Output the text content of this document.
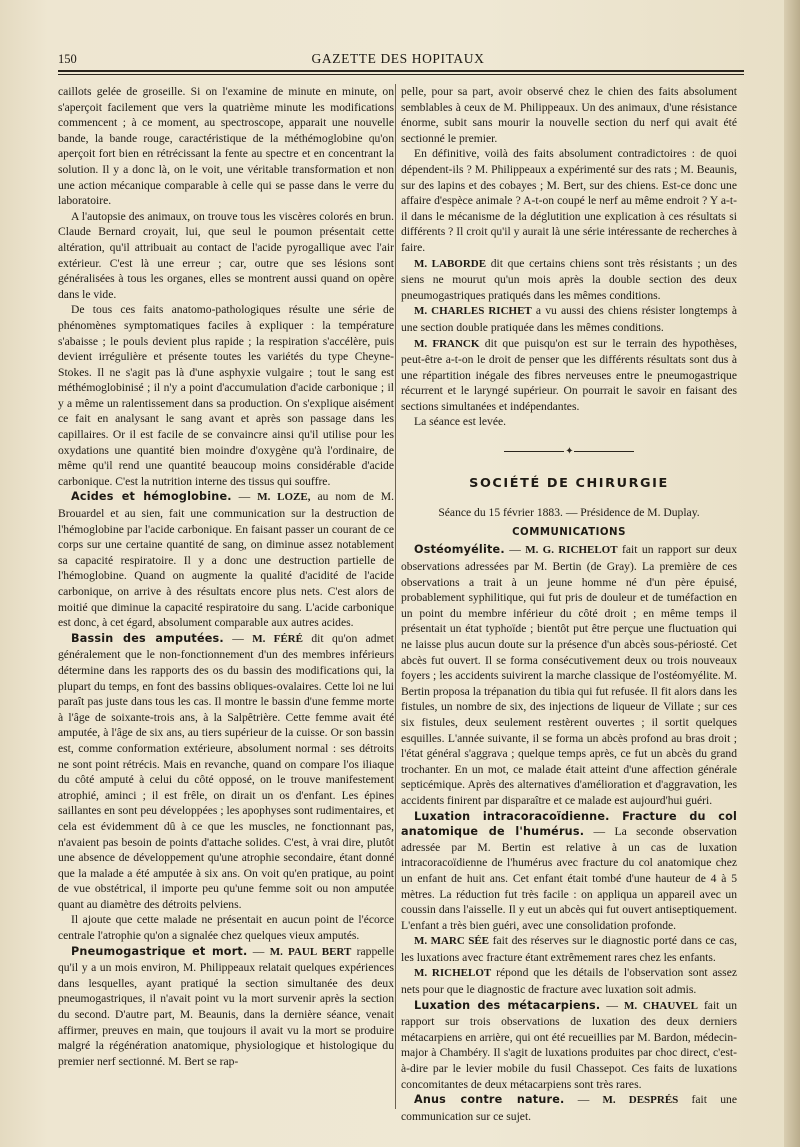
150	GAZETTE DES HOPITAUX

caillots gelée de groseille. Si on l'examine de minute en minute, on s'aperçoit facilement que vers la quatrième minute les modifications commencent ; à ce moment, au spectroscope, apparait une nouvelle bande, la bande rouge, caractéristique de la méthémoglobine qu'on aperçoit fort bien en rétrécissant la fente au spectre et en concentrant la solution. Il y a donc là, on le voit, une véritable transformation et non une action mécanique comparable à celle qui se passe dans le verre du laboratoire.

A l'autopsie des animaux, on trouve tous les viscères colorés en brun. Claude Bernard croyait, lui, que seul le poumon présentait cette altération, qu'il attribuait au contact de l'acide pyrogallique avec l'air extérieur. C'est là une erreur ; car, outre que ses lésions sont généralisées à tous les organes, elles se montrent aussi quand on opère dans le vide.

De tous ces faits anatomo-pathologiques résulte une série de phénomènes symptomatiques faciles à expliquer : la température s'abaisse ; le pouls devient plus rapide ; la respiration s'accélère, puis devient irrégulière et présente toutes les variétés du type Cheyne-Stokes. Il ne s'agit pas là d'une asphyxie vulgaire ; tout le sang est méthémoglobinisé ; il n'y a point d'accumulation d'acide carbonique ; il y a même un ralentissement dans sa production. On s'explique aisément ce fait en analysant le sang avant et après son passage dans les capillaires. Or il est facile de se convaincre ainsi qu'il utilise pour les oxydations une quantité bien moindre d'oxygène qu'à l'ordinaire, de même qu'il rend une quantité beaucoup moins considérable d'acide carbonique. C'est la nutrition interne des tissus qui souffre.

Acides et hémoglobine. — M. LOZE, au nom de M. Brouardel et au sien, fait une communication sur la destruction de l'hémoglobine par l'acide carbonique. En faisant passer un courant de ce corps sur une certaine quantité de sang, on diminue assez notablement sa capacité respiratoire. Il y a donc une destruction partielle de l'hémoglobine. Quand on augmente la qualité d'acidité de l'acide carbonique, on arrive à des résultats encore plus nets. C'est alors de moitié que diminue la capacité respiratoire du sang. L'acide carbonique est donc, à cet égard, absolument comparable aux autres acides.

Bassin des amputées. — M. FÉRÉ dit qu'on admet généralement que le non-fonctionnement d'un des membres inférieurs détermine dans les rapports des os du bassin des modifications qui, la plupart du temps, en font des bassins obliques-ovalaires. Cette loi ne lui paraît pas juste dans tous les cas. Il montre le bassin d'une femme morte à l'âge de soixante-trois ans, à la Salpêtrière. Cette femme avait été amputée, à l'âge de six ans, au tiers supérieur de la cuisse. Or son bassin est, comme conformation extérieure, absolument normal : ses détroits ne sont point rétrécis. Mais en revanche, quand on compare l'os iliaque du côté amputé à celui du côté opposé, on le trouve manifestement atrophié, aminci ; il est frêle, on dirait un os d'enfant. Les épines saillantes en sont peu développées ; les apophyses sont rudimentaires, et cela est évidemment dû à ce que les muscles, ne fonctionnant pas, n'avaient pas besoin de points d'attache solides. C'est, à vrai dire, plutôt une absence de développement qu'une atrophie secondaire, étant donné que la malade a été amputée à six ans. On voit qu'en pratique, au point de vue obstétrical, il importe peu qu'une femme soit ou non amputée quant au diamètre des détroits pelviens.

Il ajoute que cette malade ne présentait en aucun point de l'écorce centrale l'atrophie qu'on a signalée chez quelques vieux amputés.

Pneumogastrique et mort. — M. PAUL BERT rappelle qu'il y a un mois environ, M. Philippeaux relatait quelques expériences dans lesquelles, ayant pratiqué la section simultanée des deux pneumogastriques, il n'avait point vu la mort survenir après la section du second. D'autre part, M. Beaunis, dans la dernière séance, venait affirmer, preuves en main, que toujours il avait vu la mort se produire malgré la régénération anatomique, physiologique et histologique du premier nerf sectionné. M. Bert se rap-

pelle, pour sa part, avoir observé chez le chien des faits absolument semblables à ceux de M. Philippeaux. Un des animaux, d'une résistance énorme, subit sans mourir la nouvelle section du nerf qui avait été sectionné le premier.

En définitive, voilà des faits absolument contradictoires : de quoi dépendent-ils ? M. Philippeaux a expérimenté sur des rats ; M. Beaunis, sur des lapins et des cobayes ; M. Bert, sur des chiens. Est-ce donc une affaire d'espèce animale ? A-t-on coupé le nerf au même endroit ? Y a-t-il dans le mécanisme de la déglutition une explication à ces résultats si différents ? Il croit qu'il y aurait là une série intéressante de recherches à faire.

M. LABORDE dit que certains chiens sont très résistants ; un des siens ne mourut qu'un mois après la double section des deux pneumogastriques pratiqués dans les mêmes conditions.

M. CHARLES RICHET a vu aussi des chiens résister longtemps à une section double pratiquée dans les mêmes conditions.

M. FRANCK dit que puisqu'on est sur le terrain des hypothèses, peut-être a-t-on le droit de penser que les différents résultats sont dus à une répartition inégale des fibres nerveuses entre le pneumogastrique récurrent et le laryngé supérieur. On pourrait le savoir en faisant des sections simultanées et indépendantes.

La séance est levée.

✦
SOCIÉTÉ DE CHIRURGIE
Séance du 15 février 1883. — Présidence de M. Duplay.
COMMUNICATIONS

Ostéomyélite. — M. G. RICHELOT fait un rapport sur deux observations adressées par M. Bertin (de Gray). La première de ces observations a trait à un jeune homme né d'un père épuisé, probablement syphilitique, qui fut pris de douleur et de tuméfaction en un point du membre inférieur du côté droit ; en même temps il présentait un état typhoïde ; bientôt put être perçue une fluctuation qui ne laisse plus aucun doute sur la présence d'un abcès sous-périosté. Cet abcès fut ouvert. Il se forma consécutivement deux ou trois nouveaux foyers ; les accidents suivirent la marche classique de l'ostéomyélite. M. Bertin proposa la trépanation du tibia qui fut refusée. Il fit alors dans les fistules, un nombre de six, des injections de liqueur de Villate ; sur ces six fistules, deux seulement restèrent ouvertes ; il sortit quelques esquilles. L'année suivante, il se forma un abcès profond au bras droit ; l'état général s'aggrava ; quelque temps après, ce fut un abcès du grand trochanter. En un mot, ce malade était atteint d'une affection générale septicémique. Après des alternatives d'amélioration et d'aggravation, les accidents finirent par disparaître et ce malade est aujourd'hui guéri.

Luxation intracoracoïdienne. Fracture du col anatomique de l'humérus. — La seconde observation adressée par M. Bertin est relative à un cas de luxation intracoracoïdienne de l'humérus avec fracture du col anatomique chez un enfant de huit ans. Cet enfant était tombé d'une hauteur de 4 à 5 mètres. La réduction fut très facile : on appliqua un appareil avec un coussin dans l'aisselle. Il y eut un abcès qui fut ouvert antiseptiquement. L'enfant a très bien guéri, avec une consolidation profonde.

M. MARC SÉE fait des réserves sur le diagnostic porté dans ce cas, les luxations avec fracture étant extrêmement rares chez les enfants.

M. RICHELOT répond que les détails de l'observation sont assez nets pour que le diagnostic de fracture avec luxation soit admis.

Luxation des métacarpiens. — M. CHAUVEL fait un rapport sur trois observations de luxation des deux derniers métacarpiens en arrière, qui ont été recueillies par M. Bardon, médecin-major à Chambéry. Il s'agit de luxations produites par choc direct, c'est-à-dire par le levier mobile du fusil Chassepot. Ces faits de luxations concomitantes de deux métacarpiens sont très rares.

Anus contre nature. — M. DESPRÉS fait une communication sur ce sujet.
